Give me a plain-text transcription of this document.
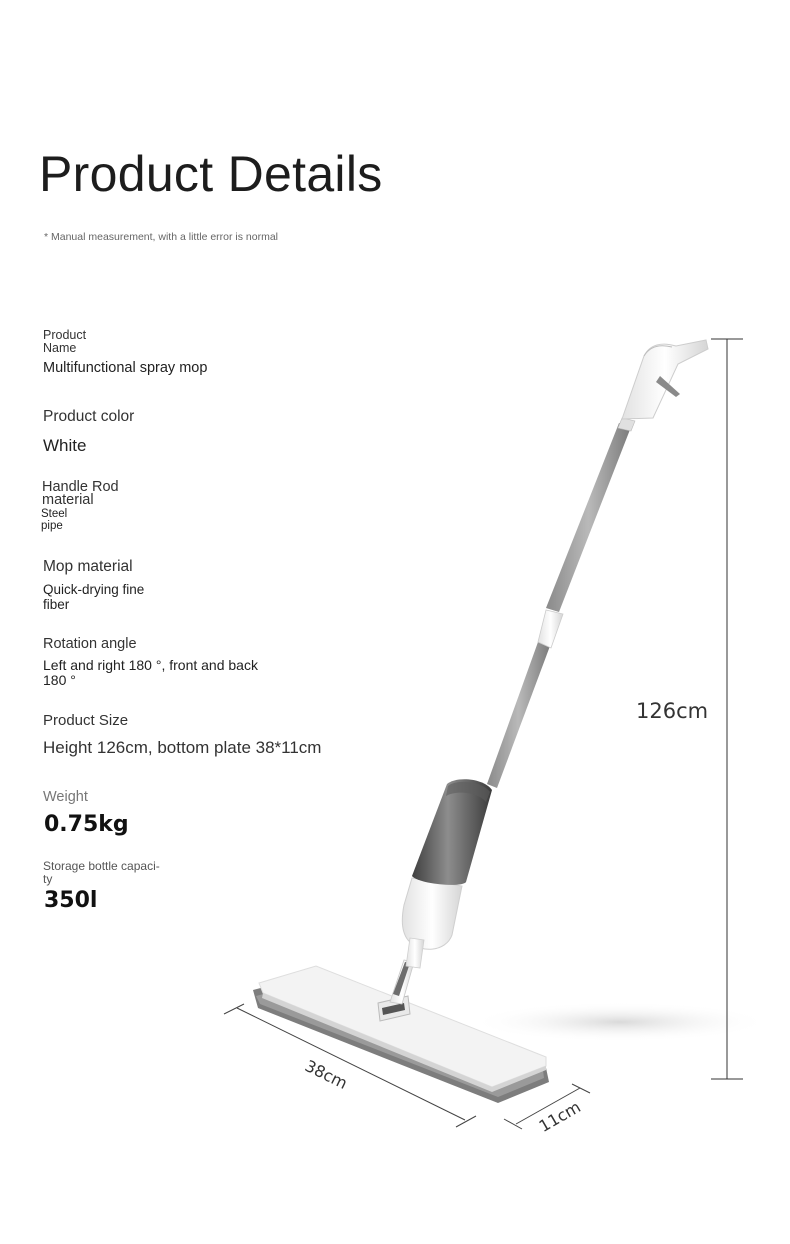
Product Details
* Manual measurement, with a little error is normal
Product
Name
Multifunctional spray mop
Product color
White
Handle Rod
material
Steel
pipe
Mop material
Quick-drying fine
fiber
Rotation angle
Left and right 180 °, front and back
180 °
Product Size
Height 126cm, bottom plate 38*11cm
Weight
0.75kg
Storage bottle capaci-
ty
350l
126cm
38cm
11cm
